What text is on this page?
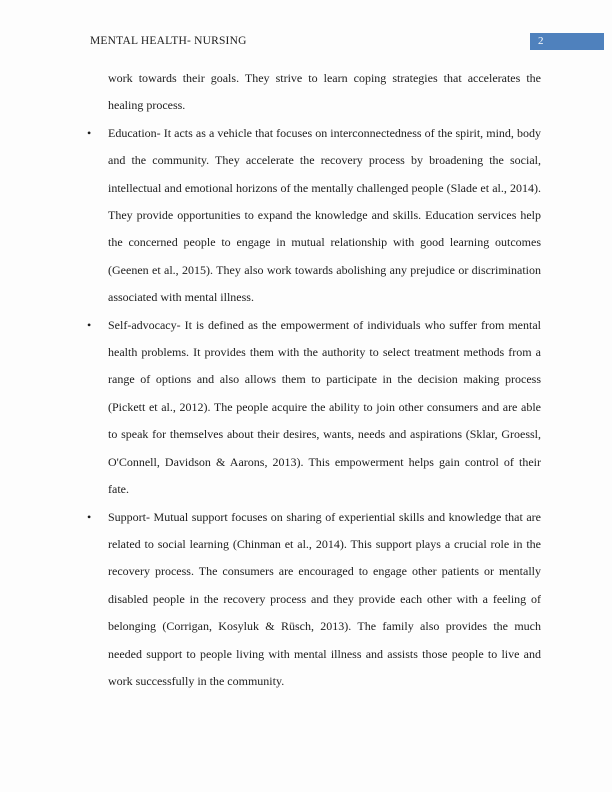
MENTAL HEALTH- NURSING	2

work towards their goals. They strive to learn coping strategies that accelerates the healing process.

•	Education- It acts as a vehicle that focuses on interconnectedness of the spirit, mind, body and the community. They accelerate the recovery process by broadening the social, intellectual and emotional horizons of the mentally challenged people (Slade et al., 2014). They provide opportunities to expand the knowledge and skills. Education services help the concerned people to engage in mutual relationship with good learning outcomes (Geenen et al., 2015). They also work towards abolishing any prejudice or discrimination associated with mental illness.
•	Self-advocacy- It is defined as the empowerment of individuals who suffer from mental health problems. It provides them with the authority to select treatment methods from a range of options and also allows them to participate in the decision making process (Pickett et al., 2012). The people acquire the ability to join other consumers and are able to speak for themselves about their desires, wants, needs and aspirations (Sklar, Groessl, O'Connell, Davidson & Aarons, 2013). This empowerment helps gain control of their fate.
•	Support- Mutual support focuses on sharing of experiential skills and knowledge that are related to social learning (Chinman et al., 2014). This support plays a crucial role in the recovery process. The consumers are encouraged to engage other patients or mentally disabled people in the recovery process and they provide each other with a feeling of belonging (Corrigan, Kosyluk & Rüsch, 2013). The family also provides the much needed support to people living with mental illness and assists those people to live and work successfully in the community.
